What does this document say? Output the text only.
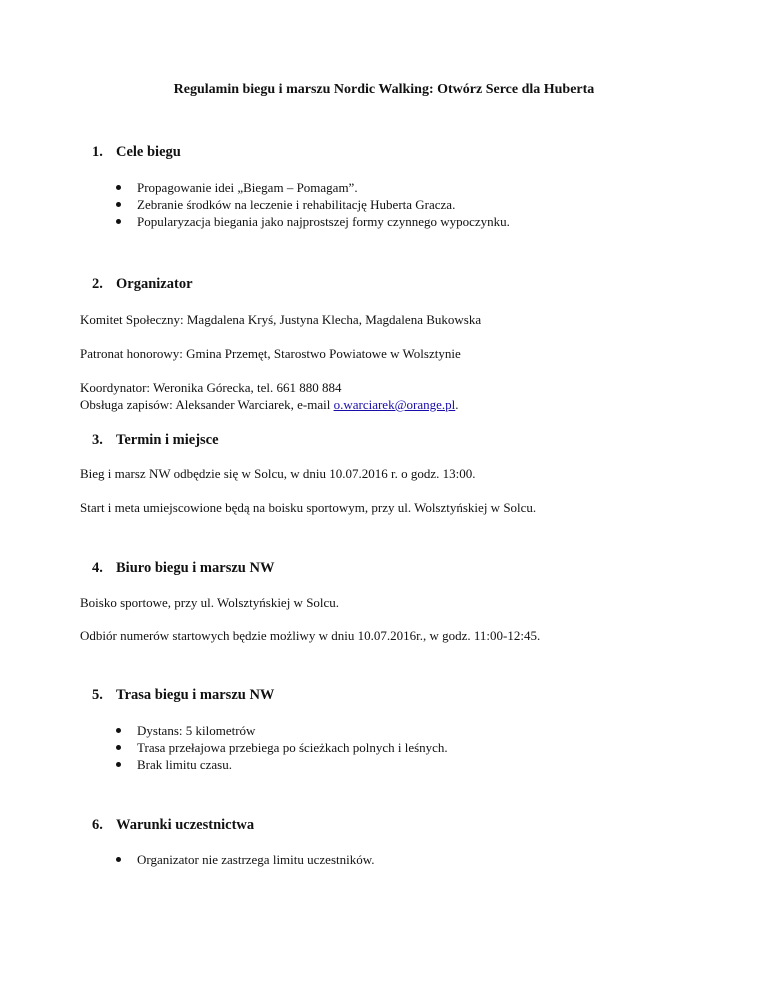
Regulamin biegu i marszu Nordic Walking: Otwórz Serce dla Huberta
1. Cele biegu
Propagowanie idei „Biegam – Pomagam”.
Zebranie środków na leczenie i rehabilitację Huberta Gracza.
Popularyzacja biegania jako najprostszej formy czynnego wypoczynku.
2. Organizator
Komitet Społeczny: Magdalena Kryś, Justyna Klecha, Magdalena Bukowska
Patronat honorowy: Gmina Przemęt, Starostwo Powiatowe w Wolsztynie
Koordynator: Weronika Górecka, tel. 661 880 884
Obsługa zapisów: Aleksander Warciarek, e-mail o.warciarek@orange.pl.
3. Termin i miejsce
Bieg i marsz NW odbędzie się w Solcu, w dniu 10.07.2016 r. o godz. 13:00.
Start i meta umiejscowione będą na boisku sportowym, przy ul. Wolsztyńskiej w Solcu.
4. Biuro biegu i marszu NW
Boisko sportowe, przy ul. Wolsztyńskiej w Solcu.
Odbiór numerów startowych będzie możliwy w dniu 10.07.2016r., w godz. 11:00-12:45.
5. Trasa biegu i marszu NW
Dystans: 5 kilometrów
Trasa przełajowa przebiega po ścieżkach polnych i leśnych.
Brak limitu czasu.
6. Warunki uczestnictwa
Organizator nie zastrzega limitu uczestników.
